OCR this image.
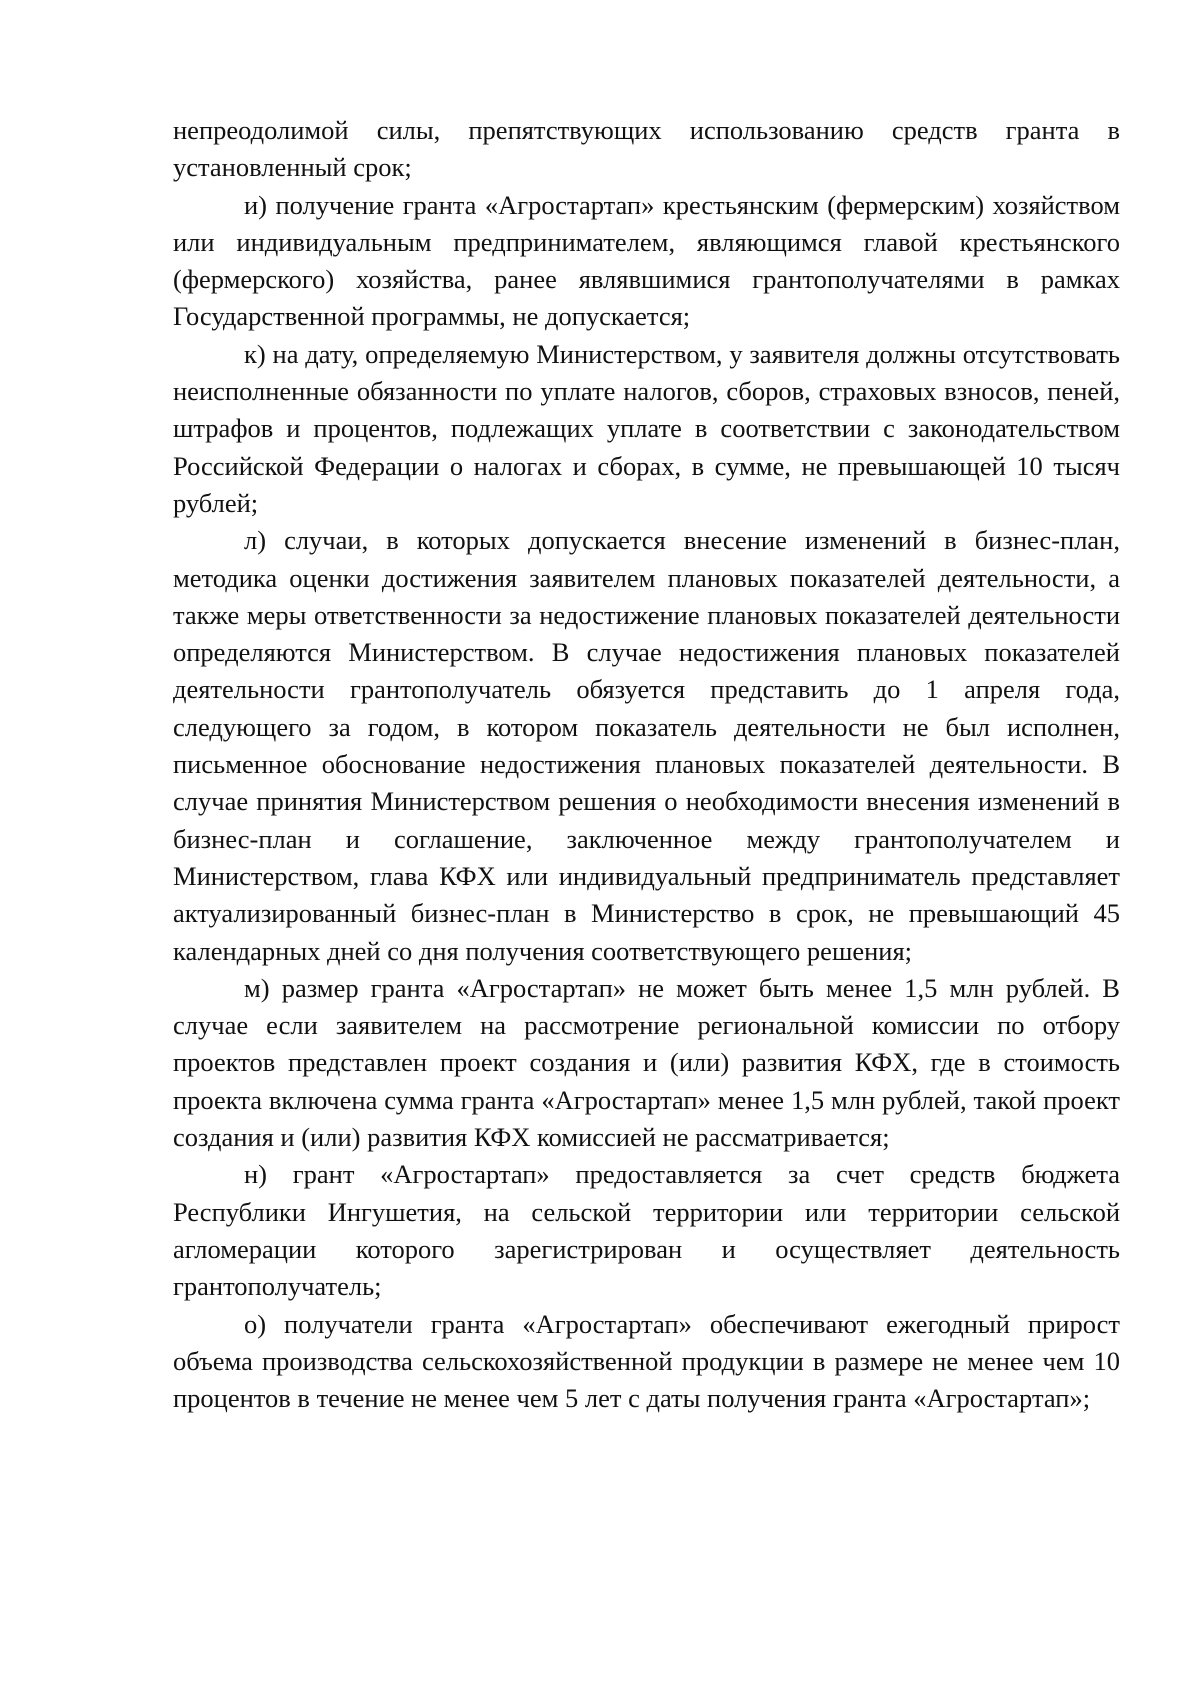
непреодолимой силы, препятствующих использованию средств гранта в установленный срок;

и) получение гранта «Агростартап» крестьянским (фермерским) хозяйством или индивидуальным предпринимателем, являющимся главой крестьянского (фермерского) хозяйства, ранее являвшимися грантополучателями в рамках Государственной программы, не допускается;

к) на дату, определяемую Министерством, у заявителя должны отсутствовать неисполненные обязанности по уплате налогов, сборов, страховых взносов, пеней, штрафов и процентов, подлежащих уплате в соответствии с законодательством Российской Федерации о налогах и сборах, в сумме, не превышающей 10 тысяч рублей;

л) случаи, в которых допускается внесение изменений в бизнес-план, методика оценки достижения заявителем плановых показателей деятельности, а также меры ответственности за недостижение плановых показателей деятельности определяются Министерством. В случае недостижения плановых показателей деятельности грантополучатель обязуется представить до 1 апреля года, следующего за годом, в котором показатель деятельности не был исполнен, письменное обоснование недостижения плановых показателей деятельности. В случае принятия Министерством решения о необходимости внесения изменений в бизнес-план и соглашение, заключенное между грантополучателем и Министерством, глава КФХ или индивидуальный предприниматель представляет актуализированный бизнес-план в Министерство в срок, не превышающий 45 календарных дней со дня получения соответствующего решения;

м) размер гранта «Агростартап» не может быть менее 1,5 млн рублей. В случае если заявителем на рассмотрение региональной комиссии по отбору проектов представлен проект создания и (или) развития КФХ, где в стоимость проекта включена сумма гранта «Агростартап» менее 1,5 млн рублей, такой проект создания и (или) развития КФХ комиссией не рассматривается;

н) грант «Агростартап» предоставляется за счет средств бюджета Республики Ингушетия, на сельской территории или территории сельской агломерации которого зарегистрирован и осуществляет деятельность грантополучатель;

о) получатели гранта «Агростартап» обеспечивают ежегодный прирост объема производства сельскохозяйственной продукции в размере не менее чем 10 процентов в течение не менее чем 5 лет с даты получения гранта «Агростартап»;
